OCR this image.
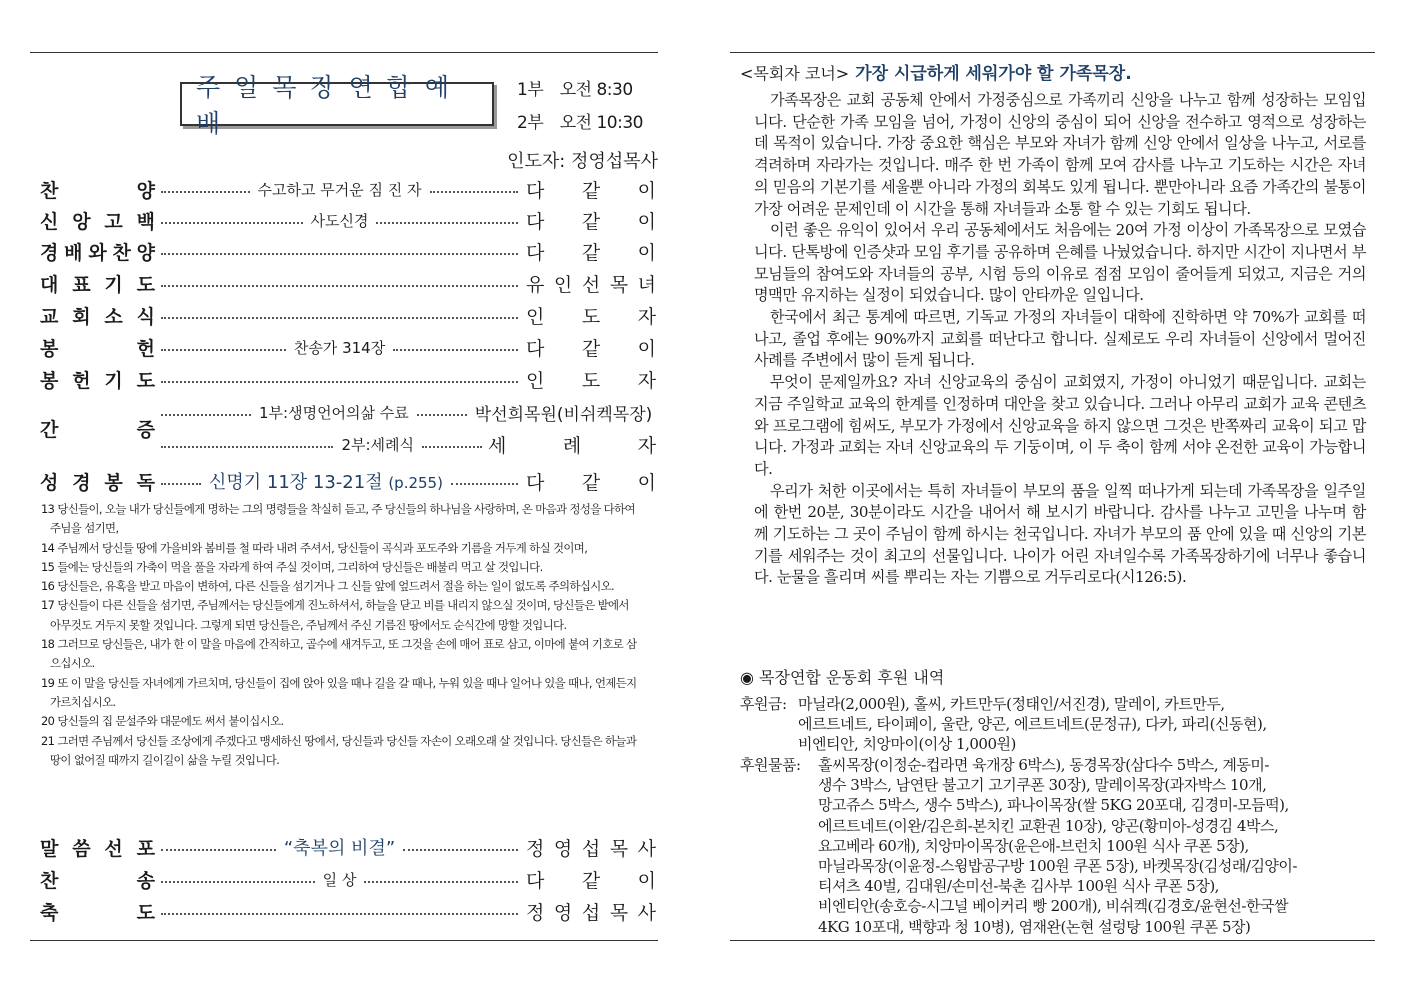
주일목장연합예배
1부　오전 8:30
2부　오전 10:30
인도자: 정영섭목사
찬	양	수고하고 무거운 짐 진 자	다 같 이
신 앙 고 백	사도신경	다 같 이
경 배 와 찬 양	다 같 이
대 표 기 도	유 인 선 목 녀
교 회 소 식	인 도 자
봉	헌	찬송가 314장	다 같 이
봉 헌 기 도	인 도 자
간	증
1부:생명언어의삶 수료	박선희목원(비쉬켁목장)
2부:세례식	세	례	자
성 경 봉 독	신명기 11장 13-21절 (p.255)	다 같 이
13 당신들이, 오늘 내가 당신들에게 명하는 그의 명령들을 착실히 듣고, 주 당신들의 하나님을 사랑하며, 온 마음과 정성을 다하여 주님을 섬기면,
14 주님께서 당신들 땅에 가을비와 봄비를 철 따라 내려 주셔서, 당신들이 곡식과 포도주와 기름을 거두게 하실 것이며,
15 들에는 당신들의 가축이 먹을 풀을 자라게 하여 주실 것이며, 그리하여 당신들은 배불리 먹고 살 것입니다.
16 당신들은, 유혹을 받고 마음이 변하여, 다른 신들을 섬기거나 그 신들 앞에 엎드려서 절을 하는 일이 없도록 주의하십시오.
17 당신들이 다른 신들을 섬기면, 주님께서는 당신들에게 진노하셔서, 하늘을 닫고 비를 내리지 않으실 것이며, 당신들은 밭에서 아무것도 거두지 못할 것입니다. 그렇게 되면 당신들은, 주님께서 주신 기름진 땅에서도 순식간에 망할 것입니다.
18 그러므로 당신들은, 내가 한 이 말을 마음에 간직하고, 골수에 새겨두고, 또 그것을 손에 매어 표로 삼고, 이마에 붙여 기호로 삼으십시오.
19 또 이 말을 당신들 자녀에게 가르치며, 당신들이 집에 앉아 있을 때나 길을 갈 때나, 누워 있을 때나 일어나 있을 때나, 언제든지 가르치십시오.
20 당신들의 집 문설주와 대문에도 써서 붙이십시오.
21 그러면 주님께서 당신들 조상에게 주겠다고 맹세하신 땅에서, 당신들과 당신들 자손이 오래오래 살 것입니다. 당신들은 하늘과 땅이 없어질 때까지 길이길이 삶을 누릴 것입니다.
말 씀 선 포	“축복의 비결”	정 영 섭 목 사
찬	송	일 상	다 같 이
축	도	정 영 섭 목 사
<목회자 코너> 가장 시급하게 세워가야 할 가족목장.

가족목장은 교회 공동체 안에서 가정중심으로 가족끼리 신앙을 나누고 함께 성장하는 모임입니다. 단순한 가족 모임을 넘어, 가정이 신앙의 중심이 되어 신앙을 전수하고 영적으로 성장하는 데 목적이 있습니다. 가장 중요한 핵심은 부모와 자녀가 함께 신앙 안에서 일상을 나누고, 서로를 격려하며 자라가는 것입니다. 매주 한 번 가족이 함께 모여 감사를 나누고 기도하는 시간은 자녀의 믿음의 기본기를 세울뿐 아니라 가정의 회복도 있게 됩니다. 뿐만아니라 요즘 가족간의 불통이 가장 어려운 문제인데 이 시간을 통해 자녀들과 소통 할 수 있는 기회도 됩니다.

이런 좋은 유익이 있어서 우리 공동체에서도 처음에는 20여 가정 이상이 가족목장으로 모였습니다. 단톡방에 인증샷과 모임 후기를 공유하며 은혜를 나눴었습니다. 하지만 시간이 지나면서 부모님들의 참여도와 자녀들의 공부, 시험 등의 이유로 점점 모임이 줄어들게 되었고, 지금은 거의 명맥만 유지하는 실정이 되었습니다. 많이 안타까운 일입니다.

한국에서 최근 통계에 따르면, 기독교 가정의 자녀들이 대학에 진학하면 약 70%가 교회를 떠나고, 졸업 후에는 90%까지 교회를 떠난다고 합니다. 실제로도 우리 자녀들이 신앙에서 멀어진 사례를 주변에서 많이 듣게 됩니다.

무엇이 문제일까요? 자녀 신앙교육의 중심이 교회였지, 가정이 아니었기 때문입니다. 교회는 지금 주일학교 교육의 한계를 인정하며 대안을 찾고 있습니다. 그러나 아무리 교회가 교육 콘텐츠와 프로그램에 힘써도, 부모가 가정에서 신앙교육을 하지 않으면 그것은 반쪽짜리 교육이 되고 맙니다. 가정과 교회는 자녀 신앙교육의 두 기둥이며, 이 두 축이 함께 서야 온전한 교육이 가능합니다.

우리가 처한 이곳에서는 특히 자녀들이 부모의 품을 일찍 떠나가게 되는데 가족목장을 일주일에 한번 20분, 30분이라도 시간을 내어서 해 보시기 바랍니다. 감사를 나누고 고민을 나누며 함께 기도하는 그 곳이 주님이 함께 하시는 천국입니다. 자녀가 부모의 품 안에 있을 때 신앙의 기본기를 세워주는 것이 최고의 선물입니다. 나이가 어린 자녀일수록 가족목장하기에 너무나 좋습니다. 눈물을 흘리며 씨를 뿌리는 자는 기쁨으로 거두리로다(시126:5).

◉ 목장연합 운동회 후원 내역
후원금: 마닐라(2,000원), 홀씨, 카트만두(정태인/서진경), 말레이, 카트만두,
에르트네트, 타이페이, 울란, 양곤, 에르트네트(문정규), 다카, 파리(신동현),
비엔티안, 치앙마이(이상 1,000원)
후원물품: 홀씨목장(이정순-컵라면 육개장 6박스), 동경목장(삼다수 5박스, 계동미-
생수 3박스, 남연탄 불고기 고기쿠폰 30장), 말레이목장(과자박스 10개,
망고쥬스 5박스, 생수 5박스), 파나이목장(쌀 5KG 20포대, 김경미-모듬떡),
에르트네트(이완/김은희-본치킨 교환권 10장), 양곤(황미아-성경김 4박스,
요고베라 60개), 치앙마이목장(윤은애-브런치 100원 식사 쿠폰 5장),
마닐라목장(이윤정-스윙밥공구방 100원 쿠폰 5장), 바켓목장(김성래/김양이-
티셔츠 40벌, 김대원/손미선-북촌 김사부 100원 식사 쿠폰 5장),
비엔티안(송호승-시그널 베이커리 빵 200개), 비쉬켁(김경호/윤현선-한국쌀
4KG 10포대, 백향과 청 10병), 염재완(논현 설렁탕 100원 쿠폰 5장)
